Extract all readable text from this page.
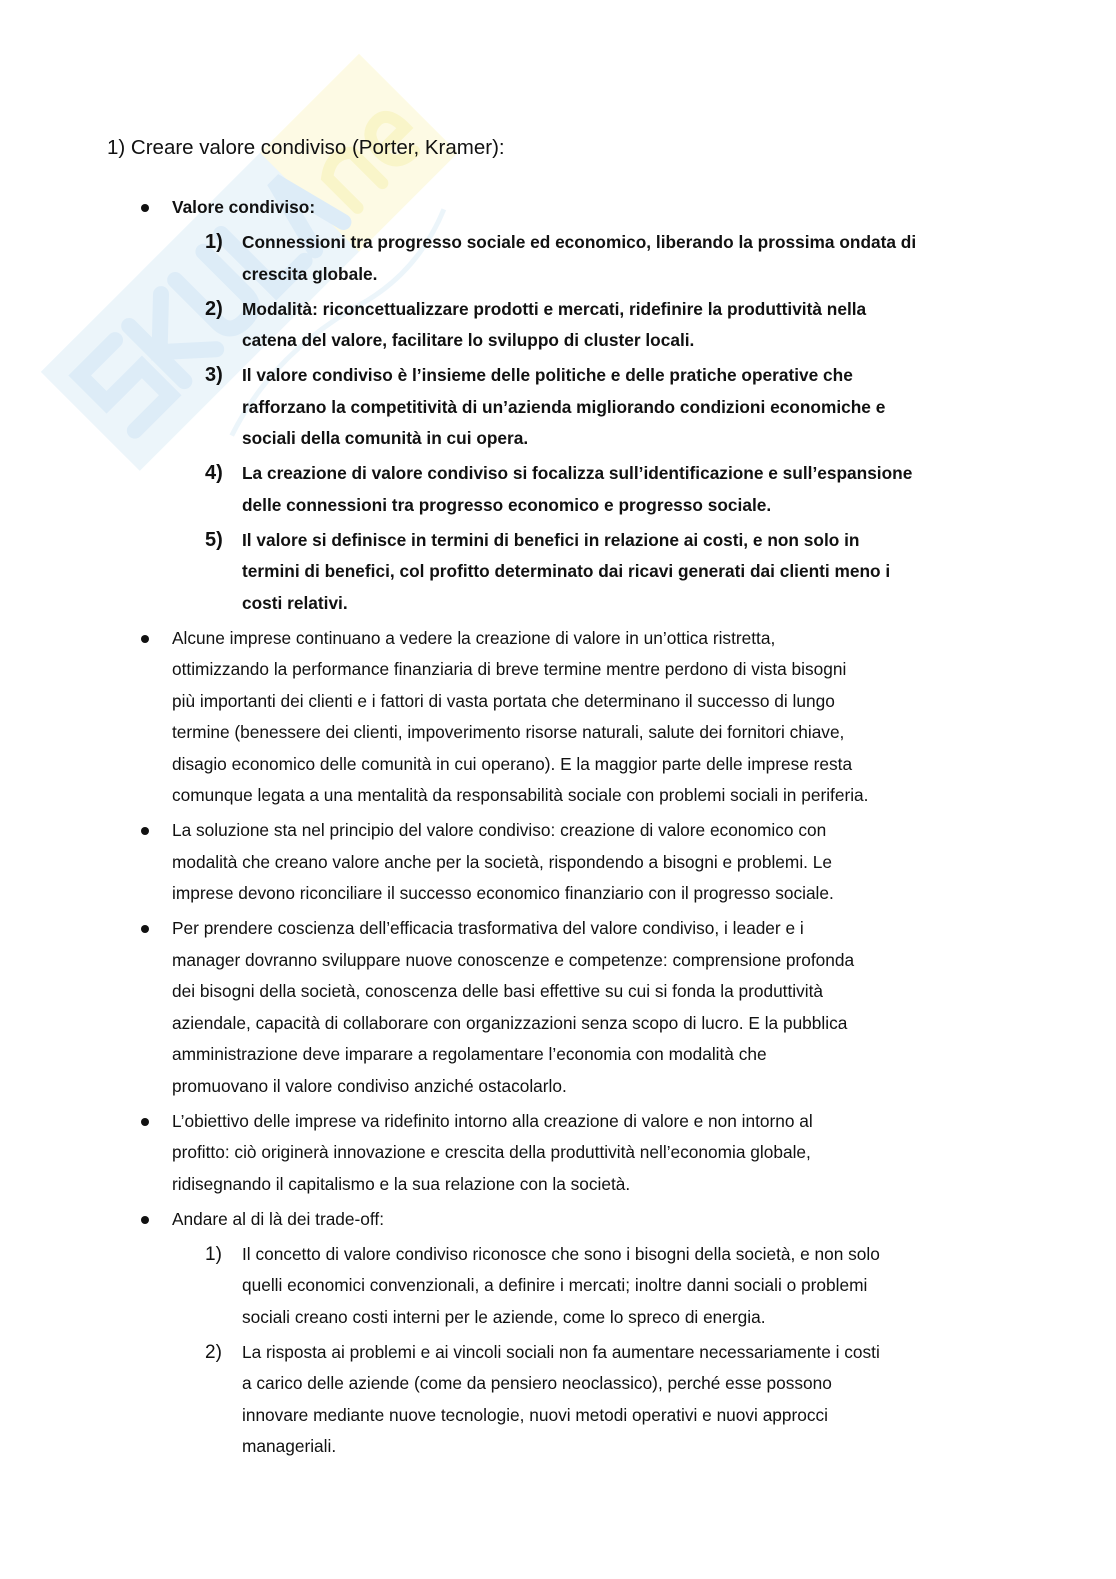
1) Creare valore condiviso (Porter, Kramer):
Valore condiviso:
1)	Connessioni tra progresso sociale ed economico, liberando la prossima ondata di
crescita globale.
2)	Modalità: riconcettualizzare prodotti e mercati, ridefinire la produttività nella
catena del valore, facilitare lo sviluppo di cluster locali.
3)	Il valore condiviso è l’insieme delle politiche e delle pratiche operative che
rafforzano la competitività di un’azienda migliorando condizioni economiche e
sociali della comunità in cui opera.
4)	La creazione di valore condiviso si focalizza sull’identificazione e sull’espansione
delle connessioni tra progresso economico e progresso sociale.
5)	Il valore si definisce in termini di benefici in relazione ai costi, e non solo in
termini di benefici, col profitto determinato dai ricavi generati dai clienti meno i
costi relativi.
Alcune imprese continuano a vedere la creazione di valore in un’ottica ristretta,
ottimizzando la performance finanziaria di breve termine mentre perdono di vista bisogni
più importanti dei clienti e i fattori di vasta portata che determinano il successo di lungo
termine (benessere dei clienti, impoverimento risorse naturali, salute dei fornitori chiave,
disagio economico delle comunità in cui operano). E la maggior parte delle imprese resta
comunque legata a una mentalità da responsabilità sociale con problemi sociali in periferia.
La soluzione sta nel principio del valore condiviso: creazione di valore economico con
modalità che creano valore anche per la società, rispondendo a bisogni e problemi. Le
imprese devono riconciliare il successo economico finanziario con il progresso sociale.
Per prendere coscienza dell’efficacia trasformativa del valore condiviso, i leader e i
manager dovranno sviluppare nuove conoscenze e competenze: comprensione profonda
dei bisogni della società, conoscenza delle basi effettive su cui si fonda la produttività
aziendale, capacità di collaborare con organizzazioni senza scopo di lucro. E la pubblica
amministrazione deve imparare a regolamentare l’economia con modalità che
promuovano il valore condiviso anziché ostacolarlo.
L’obiettivo delle imprese va ridefinito intorno alla creazione di valore e non intorno al
profitto: ciò originerà innovazione e crescita della produttività nell’economia globale,
ridisegnando il capitalismo e la sua relazione con la società.
Andare al di là dei trade-off:
1)	Il concetto di valore condiviso riconosce che sono i bisogni della società, e non solo
quelli economici convenzionali, a definire i mercati; inoltre danni sociali o problemi
sociali creano costi interni per le aziende, come lo spreco di energia.
2)	La risposta ai problemi e ai vincoli sociali non fa aumentare necessariamente i costi
a carico delle aziende (come da pensiero neoclassico), perché esse possono
innovare mediante nuove tecnologie, nuovi metodi operativi e nuovi approcci
manageriali.
